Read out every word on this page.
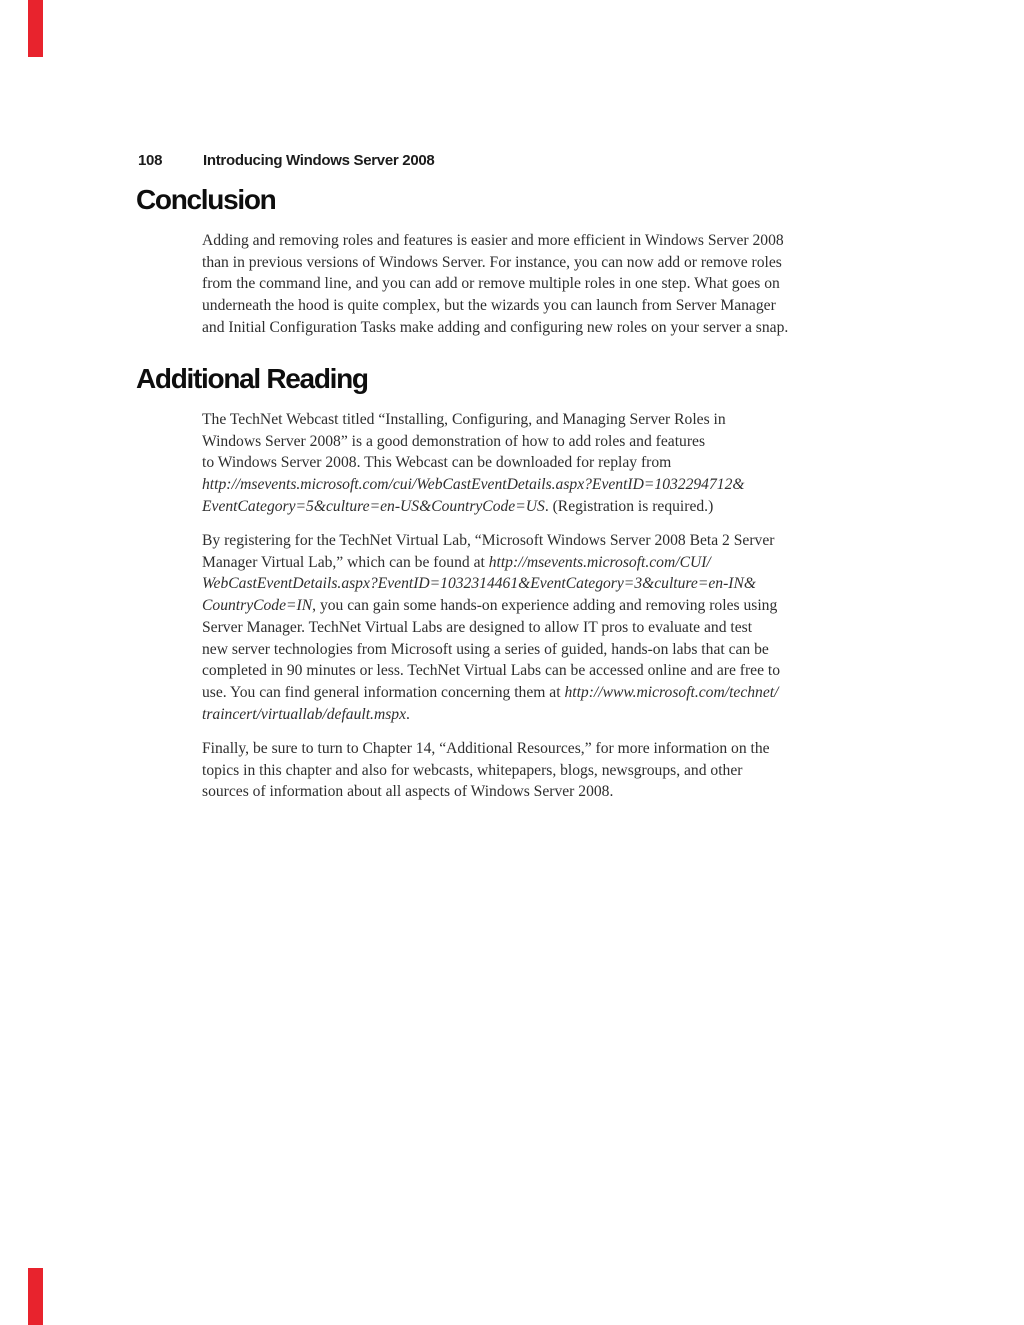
108	Introducing Windows Server 2008
Conclusion
Adding and removing roles and features is easier and more efficient in Windows Server 2008
than in previous versions of Windows Server. For instance, you can now add or remove roles
from the command line, and you can add or remove multiple roles in one step. What goes on
underneath the hood is quite complex, but the wizards you can launch from Server Manager
and Initial Configuration Tasks make adding and configuring new roles on your server a snap.
Additional Reading
The TechNet Webcast titled “Installing, Configuring, and Managing Server Roles in
Windows Server 2008” is a good demonstration of how to add roles and features
to Windows Server 2008. This Webcast can be downloaded for replay from
http://msevents.microsoft.com/cui/WebCastEventDetails.aspx?EventID=1032294712&
EventCategory=5&culture=en-US&CountryCode=US. (Registration is required.)
By registering for the TechNet Virtual Lab, “Microsoft Windows Server 2008 Beta 2 Server
Manager Virtual Lab,” which can be found at http://msevents.microsoft.com/CUI/
WebCastEventDetails.aspx?EventID=1032314461&EventCategory=3&culture=en-IN&
CountryCode=IN, you can gain some hands-on experience adding and removing roles using
Server Manager. TechNet Virtual Labs are designed to allow IT pros to evaluate and test
new server technologies from Microsoft using a series of guided, hands-on labs that can be
completed in 90 minutes or less. TechNet Virtual Labs can be accessed online and are free to
use. You can find general information concerning them at http://www.microsoft.com/technet/
traincert/virtuallab/default.mspx.
Finally, be sure to turn to Chapter 14, “Additional Resources,” for more information on the
topics in this chapter and also for webcasts, whitepapers, blogs, newsgroups, and other
sources of information about all aspects of Windows Server 2008.
